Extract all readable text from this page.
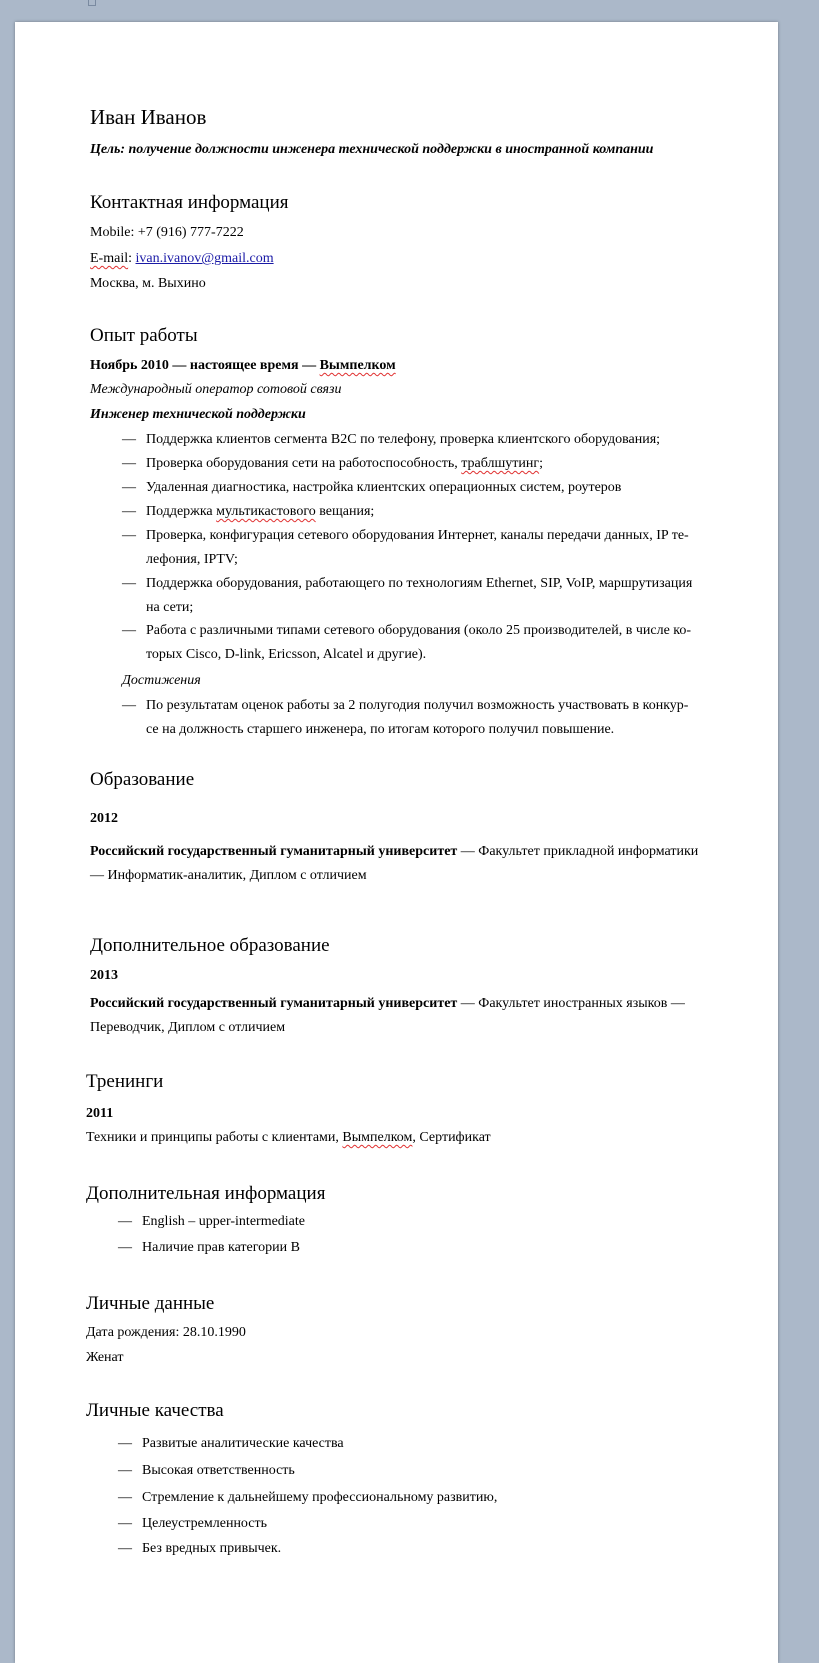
Иван Иванов
Цель: получение должности инженера технической поддержки в иностранной компании
Контактная информация
Mobile: +7 (916) 777-7222
E-mail: ivan.ivanov@gmail.com
Москва, м. Выхино
Опыт работы
Ноябрь 2010 — настоящее время — Вымпелком
Международный оператор сотовой связи
Инженер технической поддержки
— Поддержка клиентов сегмента B2C по телефону, проверка клиентского оборудования;
— Проверка оборудования сети на работоспособность, траблшутинг;
— Удаленная диагностика, настройка клиентских операционных систем, роутеров
— Поддержка мультикастового вещания;
— Проверка, конфигурация сетевого оборудования Интернет, каналы передачи данных, IP те-
лефония, IPTV;
— Поддержка оборудования, работающего по технологиям Ethernet, SIP, VoIP, маршрутизация
на сети;
— Работа с различными типами сетевого оборудования (около 25 производителей, в числе ко-
торых Cisco, D-link, Ericsson, Alcatel и другие).
Достижения
— По результатам оценок работы за 2 полугодия получил возможность участвовать в конкур-
се на должность старшего инженера, по итогам которого получил повышение.
Образование
2012
Российский государственный гуманитарный университет — Факультет прикладной информатики
— Информатик-аналитик, Диплом с отличием
Дополнительное образование
2013
Российский государственный гуманитарный университет — Факультет иностранных языков —
Переводчик, Диплом с отличием
Тренинги
2011
Техники и принципы работы с клиентами, Вымпелком, Сертификат
Дополнительная информация
— English – upper-intermediate
— Наличие прав категории B
Личные данные
Дата рождения: 28.10.1990
Женат
Личные качества
— Развитые аналитические качества
— Высокая ответственность
— Стремление к дальнейшему профессиональному развитию,
— Целеустремленность
— Без вредных привычек.
